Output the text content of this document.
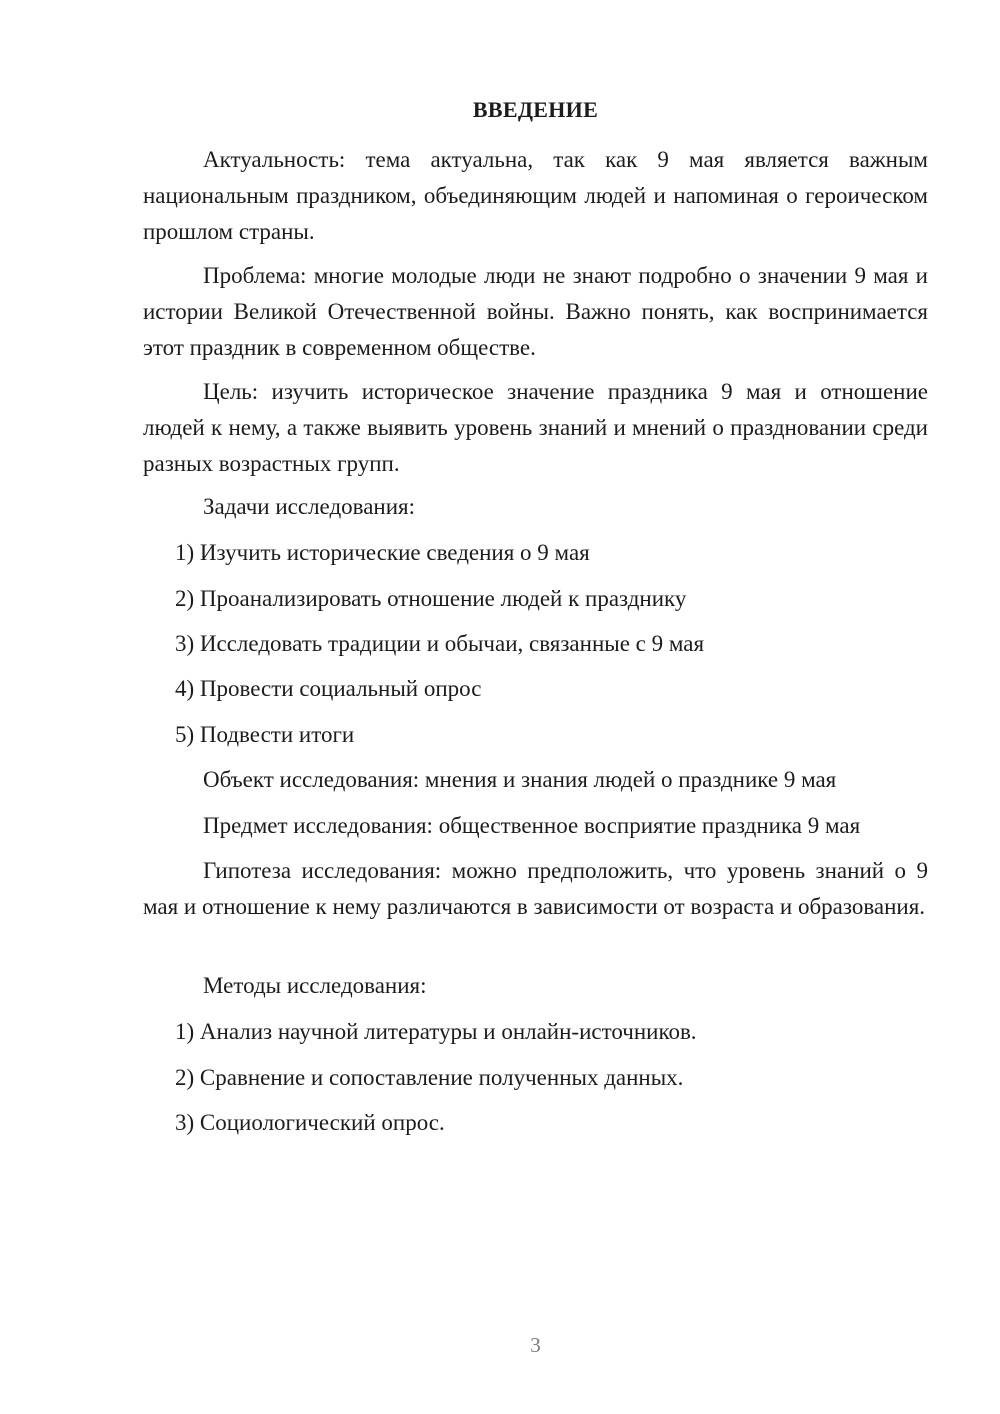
ВВЕДЕНИЕ

Актуальность: тема актуальна, так как 9 мая является важным национальным праздником, объединяющим людей и напоминая о героическом прошлом страны.

Проблема: многие молодые люди не знают подробно о значении 9 мая и истории Великой Отечественной войны. Важно понять, как воспринимается этот праздник в современном обществе.

Цель: изучить историческое значение праздника 9 мая и отношение людей к нему, а также выявить уровень знаний и мнений о праздновании среди разных возрастных групп.

Задачи исследования:

1) Изучить исторические сведения о 9 мая

2) Проанализировать отношение людей к празднику

3) Исследовать традиции и обычаи, связанные с 9 мая

4) Провести социальный опрос

5) Подвести итоги

Объект исследования: мнения и знания людей о празднике 9 мая

Предмет исследования: общественное восприятие праздника 9 мая

Гипотеза исследования: можно предположить, что уровень знаний о 9 мая и отношение к нему различаются в зависимости от возраста и образования.

Методы исследования:

1) Анализ научной литературы и онлайн-источников.

2) Сравнение и сопоставление полученных данных.

3) Социологический опрос.

3
